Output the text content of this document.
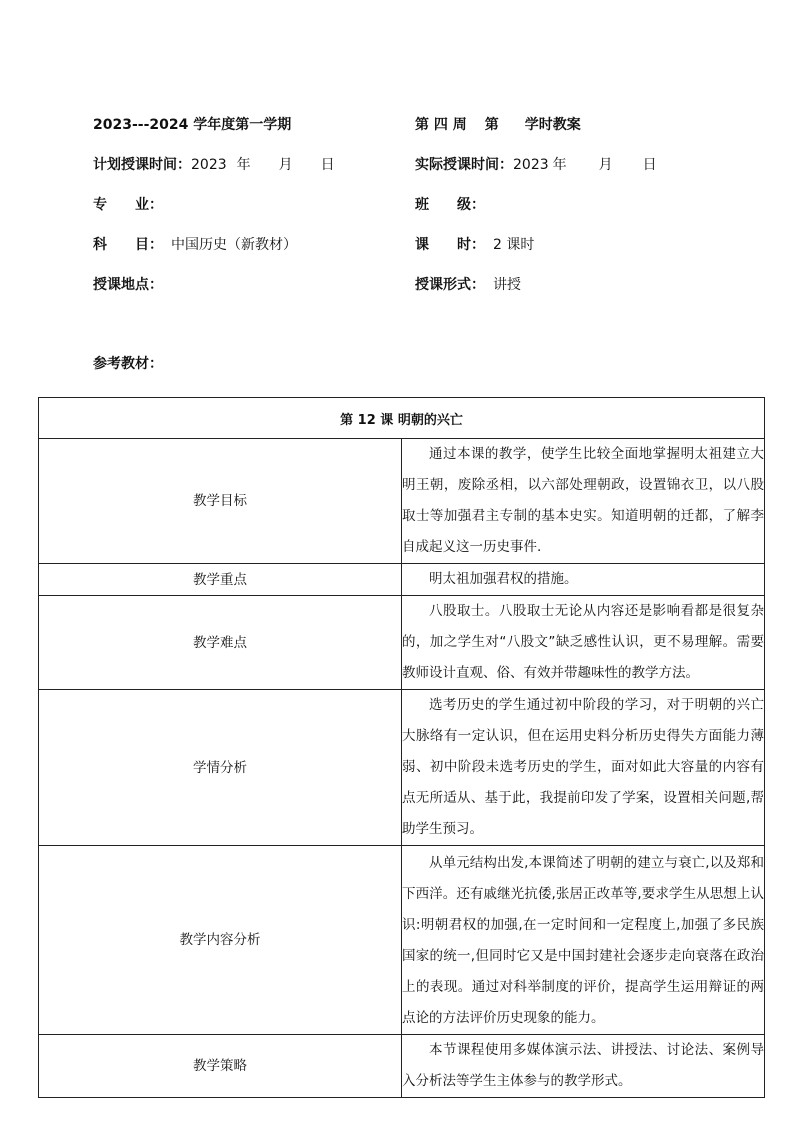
2023---2024 学年度第一学期	第 四 周 第 学时教案
计划授课时间：2023 年 月 日	实际授课时间：2023 年 月 日
专　　业：	班　　级：
科　　目： 中国历史（新教材）	课　　时： 2 课时
授课地点：	授课形式： 讲授
参考教材：
第 12 课 明朝的兴亡	
教学目标	通过本课的教学，使学生比较全面地掌握明太祖建立大明王朝，废除丞相，以六部处理朝政，设置锦衣卫，以八股取士等加强君主专制的基本史实。知道明朝的迁都，了解李自成起义这一历史事件.
教学重点	明太祖加强君权的措施。
教学难点	八股取士。八股取士无论从内容还是影响看都是很复杂的，加之学生对“八股文”缺乏感性认识，更不易理解。需要教师设计直观、俗、有效并带趣味性的教学方法。
学情分析	选考历史的学生通过初中阶段的学习，对于明朝的兴亡大脉络有一定认识，但在运用史料分析历史得失方面能力薄弱、初中阶段未选考历史的学生，面对如此大容量的内容有点无所适从、基于此，我提前印发了学案，设置相关问题,帮助学生预习。
教学内容分析	从单元结构出发,本课简述了明朝的建立与衰亡,以及郑和下西洋。还有戚继光抗倭,张居正改革等,要求学生从思想上认识:明朝君权的加强,在一定时间和一定程度上,加强了多民族国家的统一,但同时它又是中国封建社会逐步走向衰落在政治上的表现。通过对科举制度的评价，提高学生运用辩证的两点论的方法评价历史现象的能力。
教学策略	本节课程使用多媒体演示法、讲授法、讨论法、案例导入分析法等学生主体参与的教学形式。
